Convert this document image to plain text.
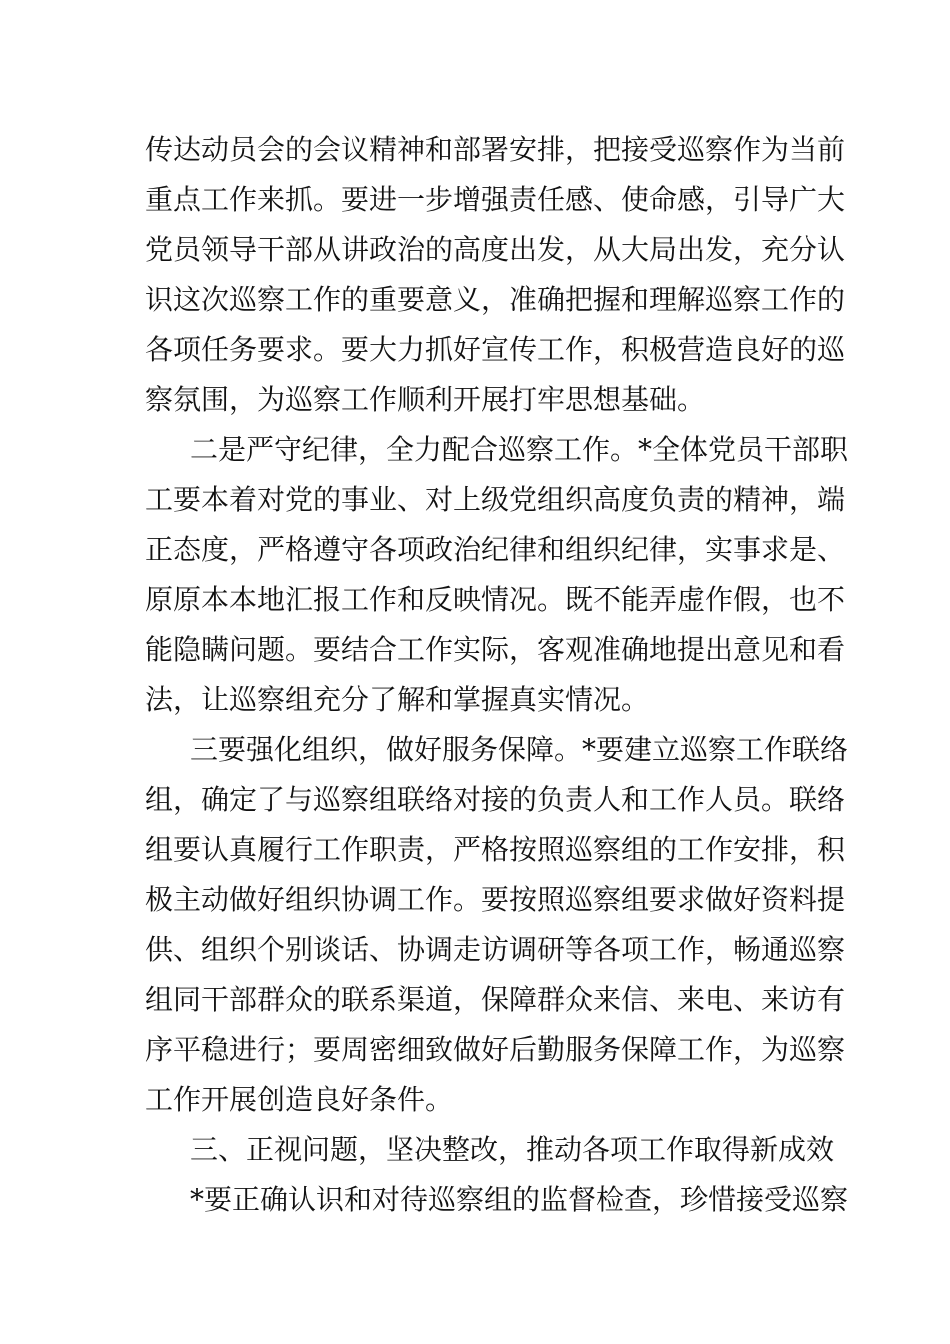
传达动员会的会议精神和部署安排，把接受巡察作为当前
重点工作来抓。要进一步增强责任感、使命感，引导广大
党员领导干部从讲政治的高度出发，从大局出发，充分认
识这次巡察工作的重要意义，准确把握和理解巡察工作的
各项任务要求。要大力抓好宣传工作，积极营造良好的巡
察氛围，为巡察工作顺利开展打牢思想基础。
二是严守纪律，全力配合巡察工作。*全体党员干部职
工要本着对党的事业、对上级党组织高度负责的精神，端
正态度，严格遵守各项政治纪律和组织纪律，实事求是、
原原本本地汇报工作和反映情况。既不能弄虚作假，也不
能隐瞒问题。要结合工作实际，客观准确地提出意见和看
法，让巡察组充分了解和掌握真实情况。
三要强化组织，做好服务保障。*要建立巡察工作联络
组，确定了与巡察组联络对接的负责人和工作人员。联络
组要认真履行工作职责，严格按照巡察组的工作安排，积
极主动做好组织协调工作。要按照巡察组要求做好资料提
供、组织个别谈话、协调走访调研等各项工作，畅通巡察
组同干部群众的联系渠道，保障群众来信、来电、来访有
序平稳进行；要周密细致做好后勤服务保障工作，为巡察
工作开展创造良好条件。
三、正视问题，坚决整改，推动各项工作取得新成效
*要正确认识和对待巡察组的监督检查，珍惜接受巡察
